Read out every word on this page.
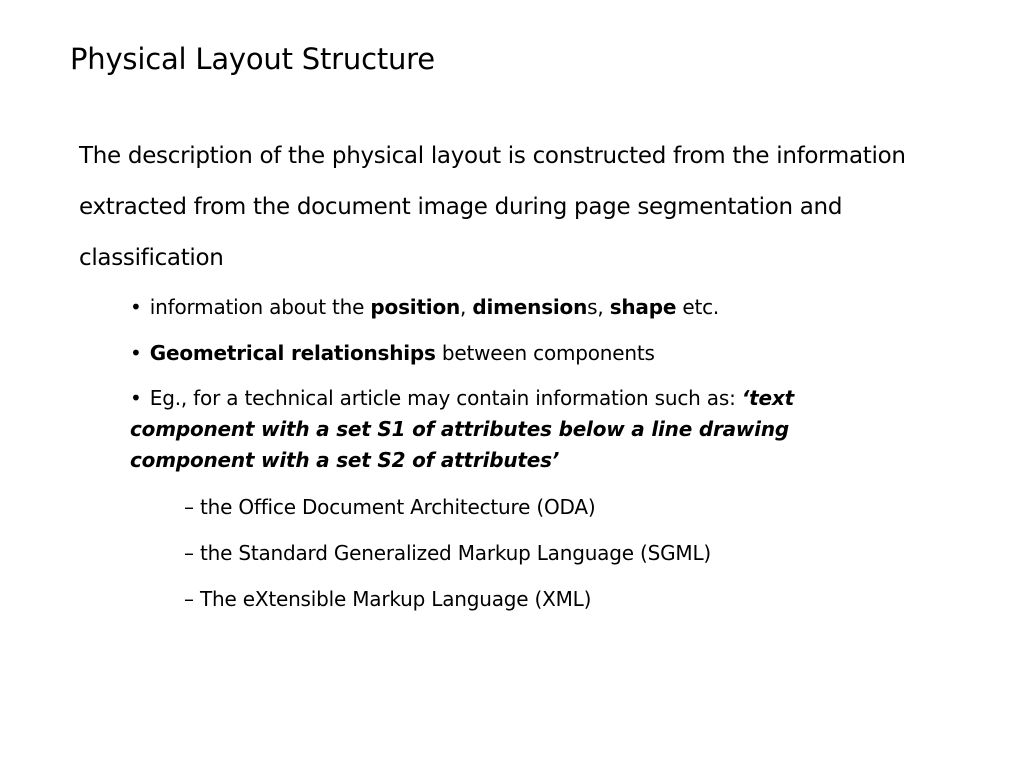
Physical Layout Structure

The description of the physical layout is constructed from the information extracted from the document image during page segmentation and classification

• information about the position, dimensions, shape etc.
• Geometrical relationships between components
• Eg., for a technical article may contain information such as: ‘text component with a set S1 of attributes below a line drawing component with a set S2 of attributes’
– the Office Document Architecture (ODA)
– the Standard Generalized Markup Language (SGML)
– The eXtensible Markup Language (XML)
